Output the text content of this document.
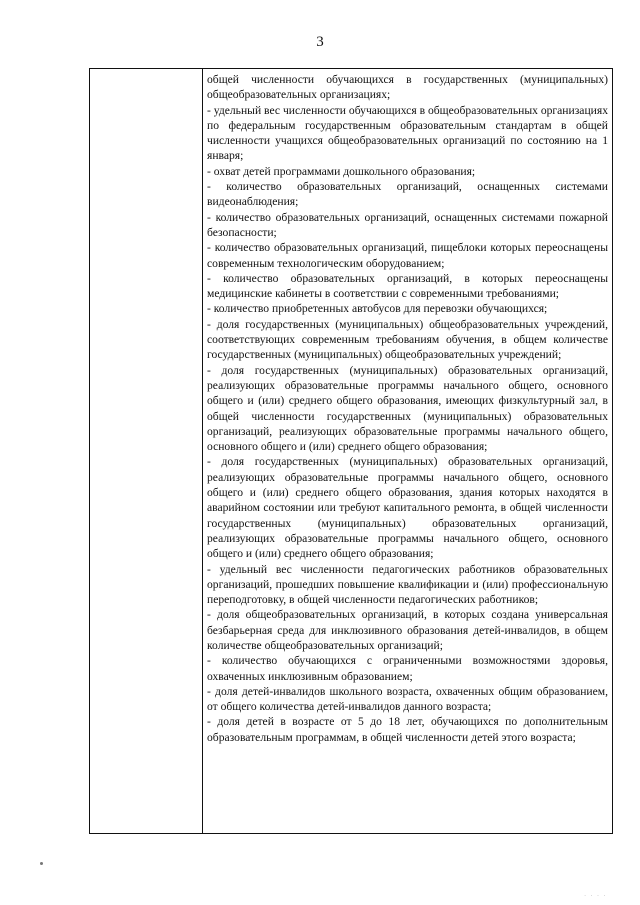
3

общей численности обучающихся в государственных (муниципальных) общеобразовательных организациях;

- удельный вес численности обучающихся в общеобразовательных организациях по федеральным государственным образовательным стандартам в общей численности учащихся общеобразовательных организаций по состоянию на 1 января;

- охват детей программами дошкольного образования;

- количество образовательных организаций, оснащенных системами видеонаблюдения;

- количество образовательных организаций, оснащенных системами пожарной безопасности;

- количество образовательных организаций, пищеблоки которых переоснащены современным технологическим оборудованием;

- количество образовательных организаций, в которых переоснащены медицинские кабинеты в соответствии с современными требованиями;

- количество приобретенных автобусов для перевозки обучающихся;

- доля государственных (муниципальных) общеобразовательных учреждений, соответствующих современным требованиям обучения, в общем количестве государственных (муниципальных) общеобразовательных учреждений;

- доля государственных (муниципальных) образовательных организаций, реализующих образовательные программы начального общего, основного общего и (или) среднего общего образования, имеющих физкультурный зал, в общей численности государственных (муниципальных) образовательных организаций, реализующих образовательные программы начального общего, основного общего и (или) среднего общего образования;

- доля государственных (муниципальных) образовательных организаций, реализующих образовательные программы начального общего, основного общего и (или) среднего общего образования, здания которых находятся в аварийном состоянии или требуют капитального ремонта, в общей численности государственных (муниципальных) образовательных организаций, реализующих образовательные программы начального общего, основного общего и (или) среднего общего образования;

- удельный вес численности педагогических работников образовательных организаций, прошедших повышение квалификации и (или) профессиональную переподготовку, в общей численности педагогических работников;

- доля общеобразовательных организаций, в которых создана универсальная безбарьерная среда для инклюзивного образования детей-инвалидов, в общем количестве общеобразовательных организаций;

- количество обучающихся с ограниченными возможностями здоровья, охваченных инклюзивным образованием;

- доля детей-инвалидов школьного возраста, охваченных общим образованием, от общего количества детей-инвалидов данного возраста;

- доля детей в возрасте от 5 до 18 лет, обучающихся по дополнительным образовательным программам, в общей численности детей этого возраста;

· · · ·
